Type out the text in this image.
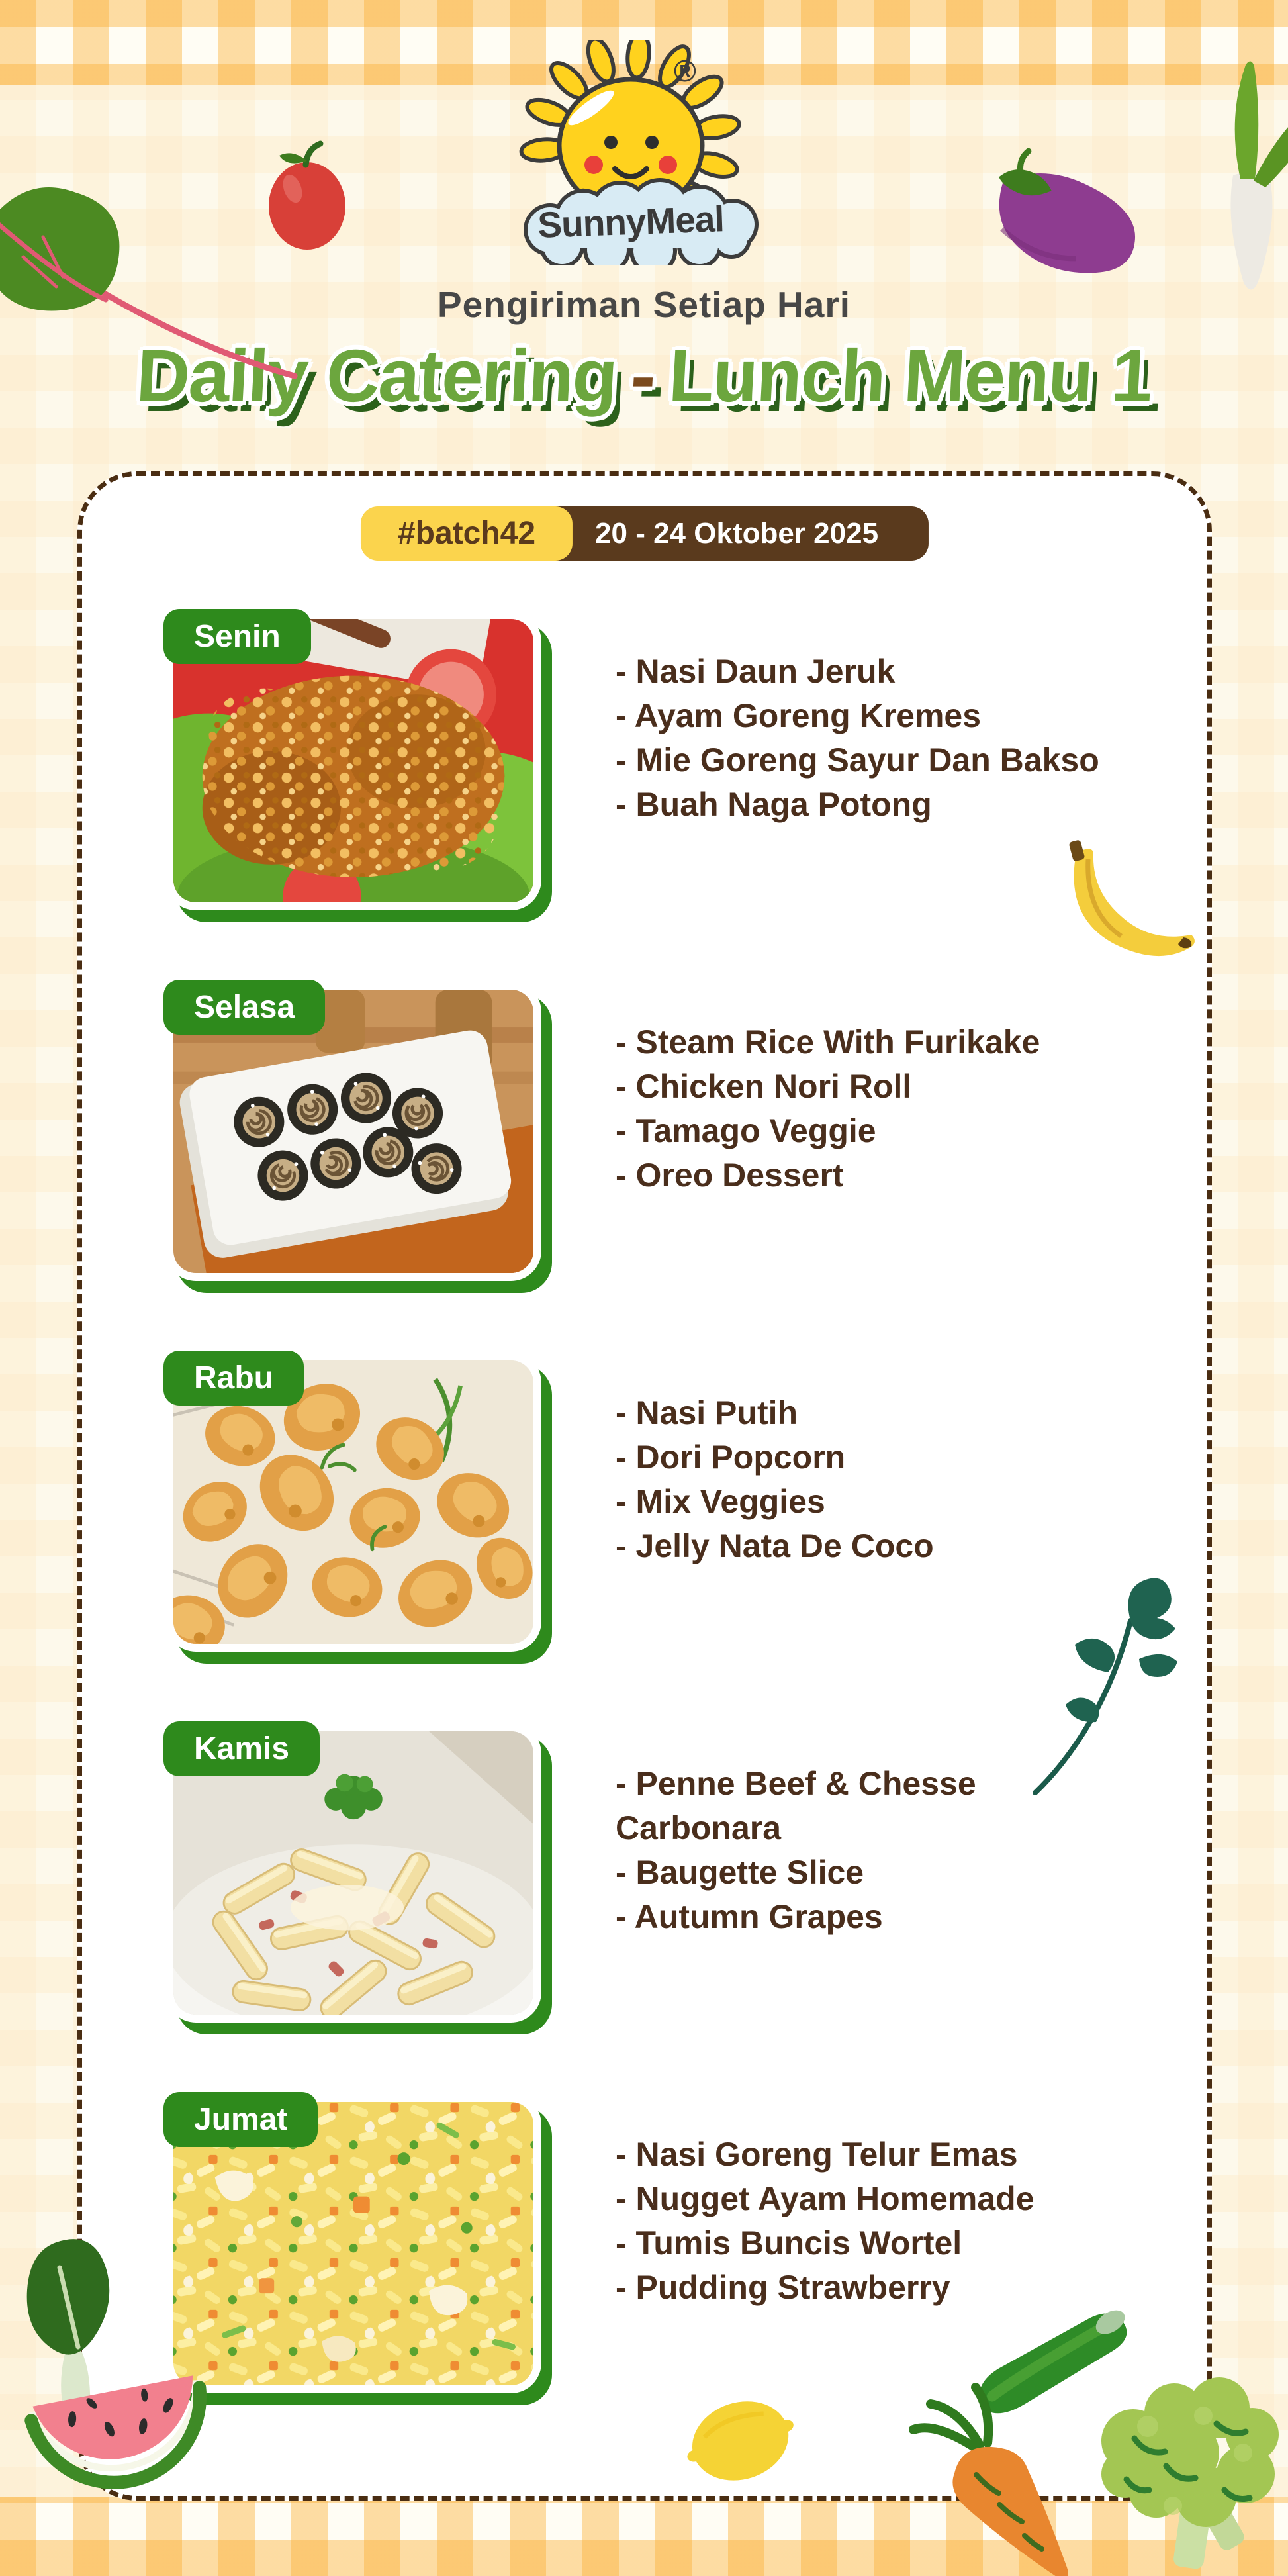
SunnyMeal
®
Pengiriman Setiap Hari
Daily Catering - Lunch Menu 1
#batch42	20 - 24 Oktober 2025
Senin
- Nasi Daun Jeruk
- Ayam Goreng Kremes
- Mie Goreng Sayur Dan Bakso
- Buah Naga Potong
Selasa
- Steam Rice With Furikake
- Chicken Nori Roll
- Tamago Veggie
- Oreo Dessert
Rabu
- Nasi Putih
- Dori Popcorn
- Mix Veggies
- Jelly Nata De Coco
Kamis
- Penne Beef & Chesse Carbonara
- Baugette Slice
- Autumn Grapes
Jumat
- Nasi Goreng Telur Emas
- Nugget Ayam Homemade
- Tumis Buncis Wortel
- Pudding Strawberry
